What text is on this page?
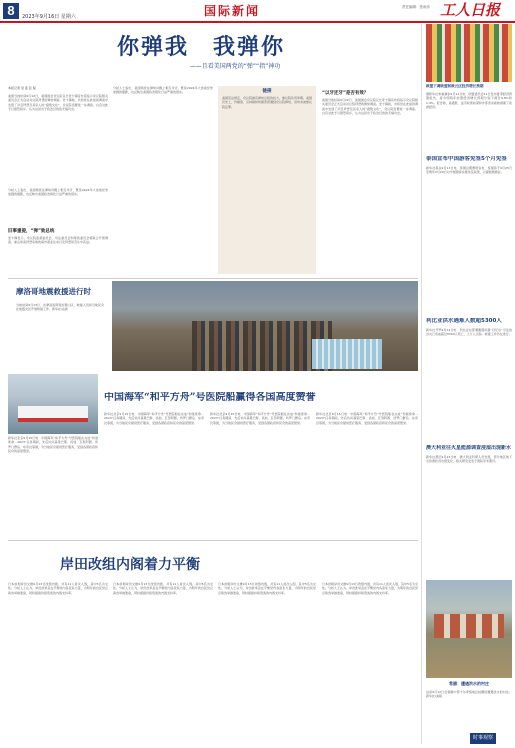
8	2023年9月16日 星期六	国际新闻	责任编辑：张雨乐 工人日报
你弹我　我弹你
——且看美国两党的“弹”“指”神功
本报记者 吴 姜 张 程
美国当地时间9月12日，美国国会众议院议长麦卡锡宣布将指示众议院相关委员会正式启动对总统拜登的弹劾调查。麦卡锡称，共和党在此前的调查中发现了涉及拜登及其家人的“腐败文化”，众议院需要进一步调查。白宫对此予以强烈驳斥，认为这是出于政治目的的无端攻击。
分析人士指出，美国两党在弹劾问题上相互攻讦，既是2024年大选前党争加剧的缩影，也反映出美国政治极化日益严重的现实。
旧事重提，“弹”劾总统
麦卡锡表示，众议院监督委员会、司法委员会和筹款委员会将联合开展调查，重点审查拜登家族的海外商业往来以及拜登是否从中获益。
分析人士指出，美国两党在弹劾问题上相互攻讦，既是2024年大选前党争加剧的缩影，也反映出美国政治极化日益严重的现实。	链接
美国宪法规定，众议院拥有弹劾总统的权力，参议院负责审理。美国历史上，约翰逊、克林顿和特朗普曾遭到众议院弹劾，但均未被参议院定罪。
“以牙还牙”是否有效？
美国当地时间9月12日，美国国会众议院议长麦卡锡宣布将指示众议院相关委员会正式启动对总统拜登的弹劾调查。麦卡锡称，共和党在此前的调查中发现了涉及拜登及其家人的“腐败文化”，众议院需要进一步调查。白宫对此予以强烈驳斥，认为这是出于政治目的的无端攻击。
摩洛哥地震救援进行时
当地时间9月13日，在摩洛哥阿特拉斯山区，救援人员和当地民众在地震灾区开展救援工作。新华社/法新
中国海军“和平方舟”号医院船赢得各国高度赞誉
新华社北京9月15日电　中国海军“和平方舟”号医院船在完成“和谐使命－2023”任务期间，先后访问基里巴斯、汤加、瓦努阿图、所罗门群岛、东帝汶等国，为当地民众提供医疗服务，受到各国政府和民众的高度赞誉。
新华社北京9月15日电　中国海军“和平方舟”号医院船在完成“和谐使命－2023”任务期间，先后访问基里巴斯、汤加、瓦努阿图、所罗门群岛、东帝汶等国，为当地民众提供医疗服务，受到各国政府和民众的高度赞誉。
新华社北京9月15日电　中国海军“和平方舟”号医院船在完成“和谐使命－2023”任务期间，先后访问基里巴斯、汤加、瓦努阿图、所罗门群岛、东帝汶等国，为当地民众提供医疗服务，受到各国政府和民众的高度赞誉。
新华社北京9月15日电　中国海军“和平方舟”号医院船在完成“和谐使命－2023”任务期间，先后访问基里巴斯、汤加、瓦努阿图、所罗门群岛、东帝汶等国，为当地民众提供医疗服务，受到各国政府和民众的高度赞誉。
岸田改组内阁着力平衡
日本首相岸田文雄9月13日改组内阁，共有11人首次入阁，其中5名为女性。分析人士认为，岸田此举意在平衡党内各派系力量，为明年的自民党总裁选举做准备，同时提振持续低迷的内阁支持率。
日本首相岸田文雄9月13日改组内阁，共有11人首次入阁，其中5名为女性。分析人士认为，岸田此举意在平衡党内各派系力量，为明年的自民党总裁选举做准备，同时提振持续低迷的内阁支持率。
日本首相岸田文雄9月13日改组内阁，共有11人首次入阁，其中5名为女性。分析人士认为，岸田此举意在平衡党内各派系力量，为明年的自民党总裁选举做准备，同时提振持续低迷的内阁支持率。
日本首相岸田文雄9月13日改组内阁，共有11人首次入阁，其中5名为女性。分析人士认为，岸田此举意在平衡党内各派系力量，为明年的自民党总裁选举做准备，同时提振持续低迷的内阁支持率。
欧盟下调欧盟和欧元区经济增长预期
据新华社布鲁塞尔9月11日电　欧盟委员会11日发布夏季经济预测报告，将今明两年欧盟经济增长预期分别下调至0.8%和1.4%。报告称，高通胀、货币政策收紧和外部需求疲软拖累了欧洲经济。
泰国宣布中国游客免签5个月免签
新华社曼谷9月13日电　泰国总理赛塔宣布，泰国将于9月25日至明年2月29日对中国游客实施免签政策，以提振旅游业。
利比亚洪水遇难人数超5300人
新华社开罗9月14日电　利比亚东部遭遇强风暴“丹尼尔”引发的洪灾已造成超过5300人死亡，上万人失踪。救援工作仍在进行。
澳大利亚往火星能源调查浸湿出现新水
新华社悉尼9月13日电　澳大利亚科研人员发现，部分地区地下水资源状况出现变化，相关研究发表于国际学术期刊。
希腊：遭遇洪水的村庄
这是9月12日在希腊中部卡尔季察地区拍摄的遭遇洪水的村庄。新华社/美联
时事观察
